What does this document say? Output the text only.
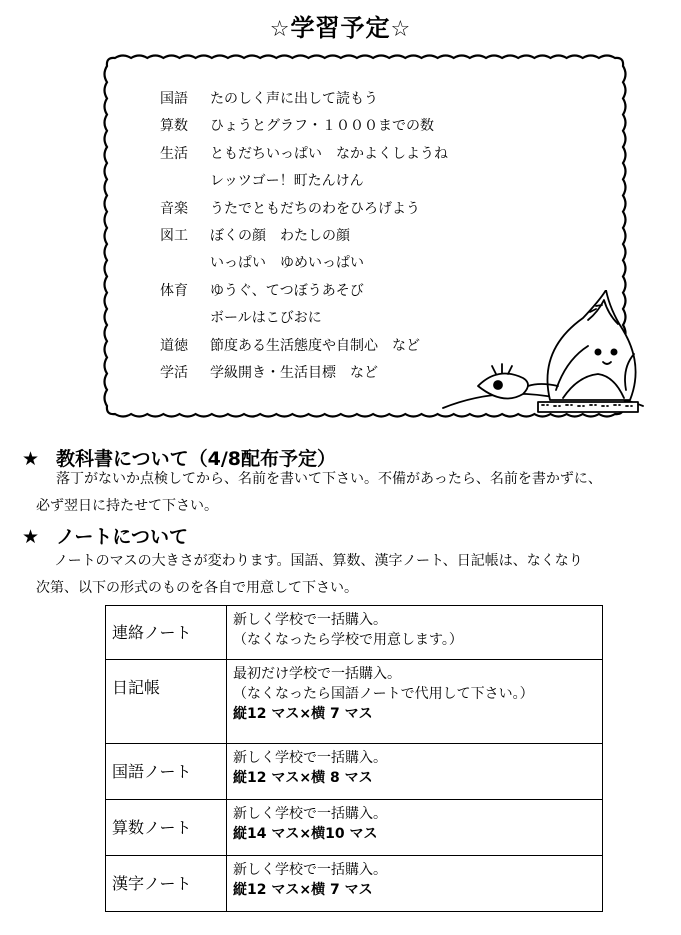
☆学習予定☆
国語 たのしく声に出して読もう
算数 ひょうとグラフ・１０００までの数
生活 ともだちいっぱい　なかよくしようね
レッツゴー！町たんけん
音楽 うたでともだちのわをひろげよう
図工 ぼくの顔　わたしの顔
いっぱい　ゆめいっぱい
体育 ゆうぐ、てつぼうあそび
ボールはこびおに
道徳 節度ある生活態度や自制心　など
学活 学級開き・生活目標　など
★ 教科書について（4/8配布予定）
落丁がないか点検してから、名前を書いて下さい。不備があったら、名前を書かずに、
必ず翌日に持たせて下さい。
★ ノートについて
ノートのマスの大きさが変わります。国語、算数、漢字ノート、日記帳は、なくなり
次第、以下の形式のものを各自で用意して下さい。
連絡ノート	新しく学校で一括購入。
（なくなったら学校で用意します。）

日記帳	最初だけ学校で一括購入。
（なくなったら国語ノートで代用して下さい。）
縦12 マス×横 7 マス

国語ノート	新しく学校で一括購入。
縦12 マス×横 8 マス

算数ノート	新しく学校で一括購入。
縦14 マス×横10 マス

漢字ノート	新しく学校で一括購入。
縦12 マス×横 7 マス
